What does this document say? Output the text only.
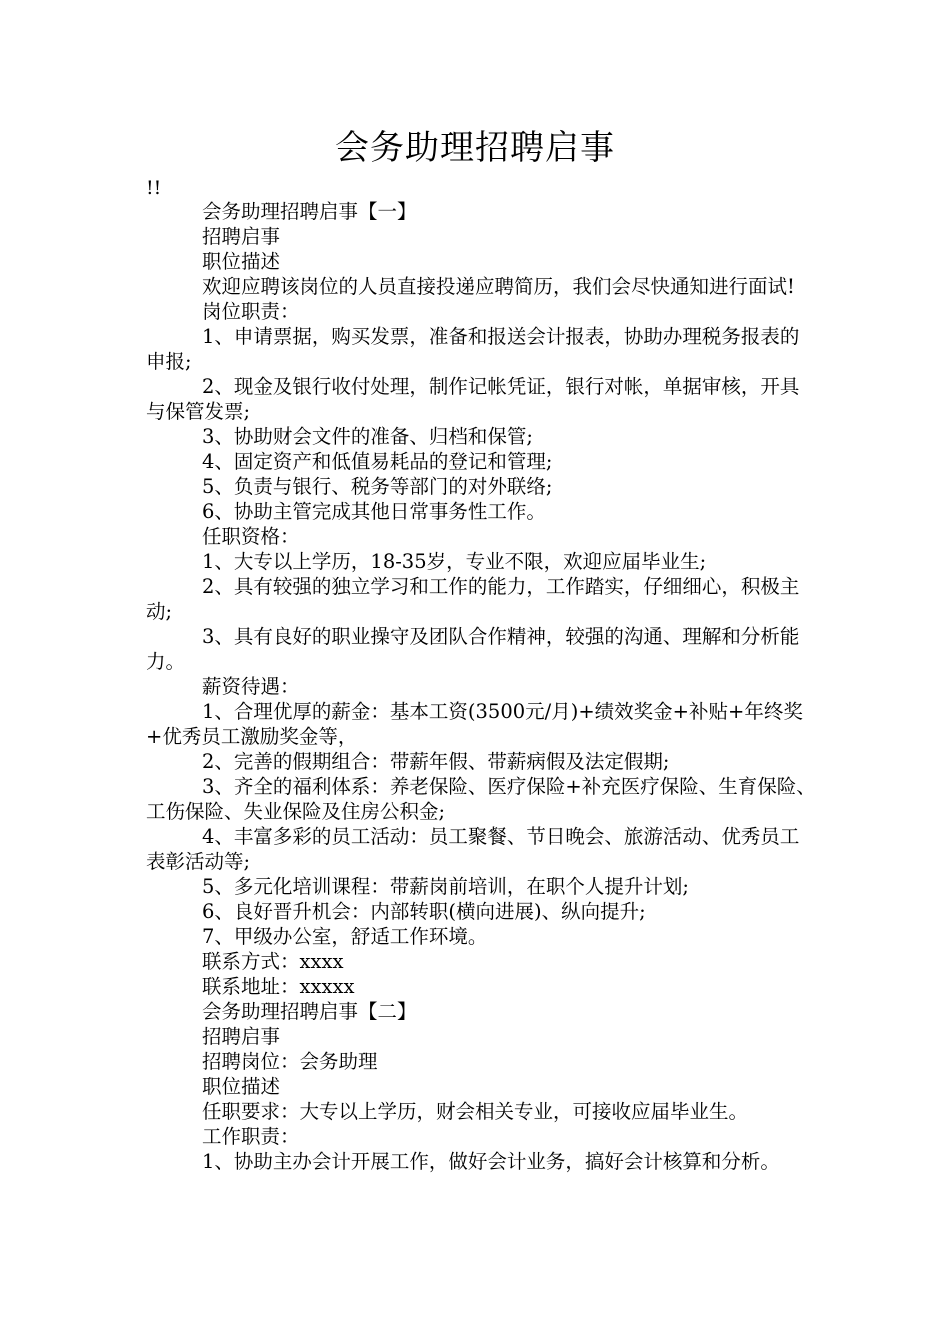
会务助理招聘启事
!!

会务助理招聘启事【一】

招聘启事

职位描述

欢迎应聘该岗位的人员直接投递应聘简历，我们会尽快通知进行面试!

岗位职责：

1、申请票据，购买发票，准备和报送会计报表，协助办理税务报表的申报;

2、现金及银行收付处理，制作记帐凭证，银行对帐，单据审核，开具与保管发票;

3、协助财会文件的准备、归档和保管;

4、固定资产和低值易耗品的登记和管理;

5、负责与银行、税务等部门的对外联络;

6、协助主管完成其他日常事务性工作。

任职资格：

1、大专以上学历，18-35岁，专业不限，欢迎应届毕业生;

2、具有较强的独立学习和工作的能力，工作踏实，仔细细心，积极主动;

3、具有良好的职业操守及团队合作精神，较强的沟通、理解和分析能力。

薪资待遇：

1、合理优厚的薪金：基本工资(3500元/月)+绩效奖金+补贴+年终奖+优秀员工激励奖金等，

2、完善的假期组合：带薪年假、带薪病假及法定假期;

3、齐全的福利体系：养老保险、医疗保险+补充医疗保险、生育保险、工伤保险、失业保险及住房公积金;

4、丰富多彩的员工活动：员工聚餐、节日晚会、旅游活动、优秀员工表彰活动等;

5、多元化培训课程：带薪岗前培训，在职个人提升计划;

6、良好晋升机会：内部转职(横向进展)、纵向提升;

7、甲级办公室，舒适工作环境。

联系方式：xxxx

联系地址：xxxxx

会务助理招聘启事【二】

招聘启事

招聘岗位：会务助理

职位描述

任职要求：大专以上学历，财会相关专业，可接收应届毕业生。

工作职责：

1、协助主办会计开展工作，做好会计业务，搞好会计核算和分析。
